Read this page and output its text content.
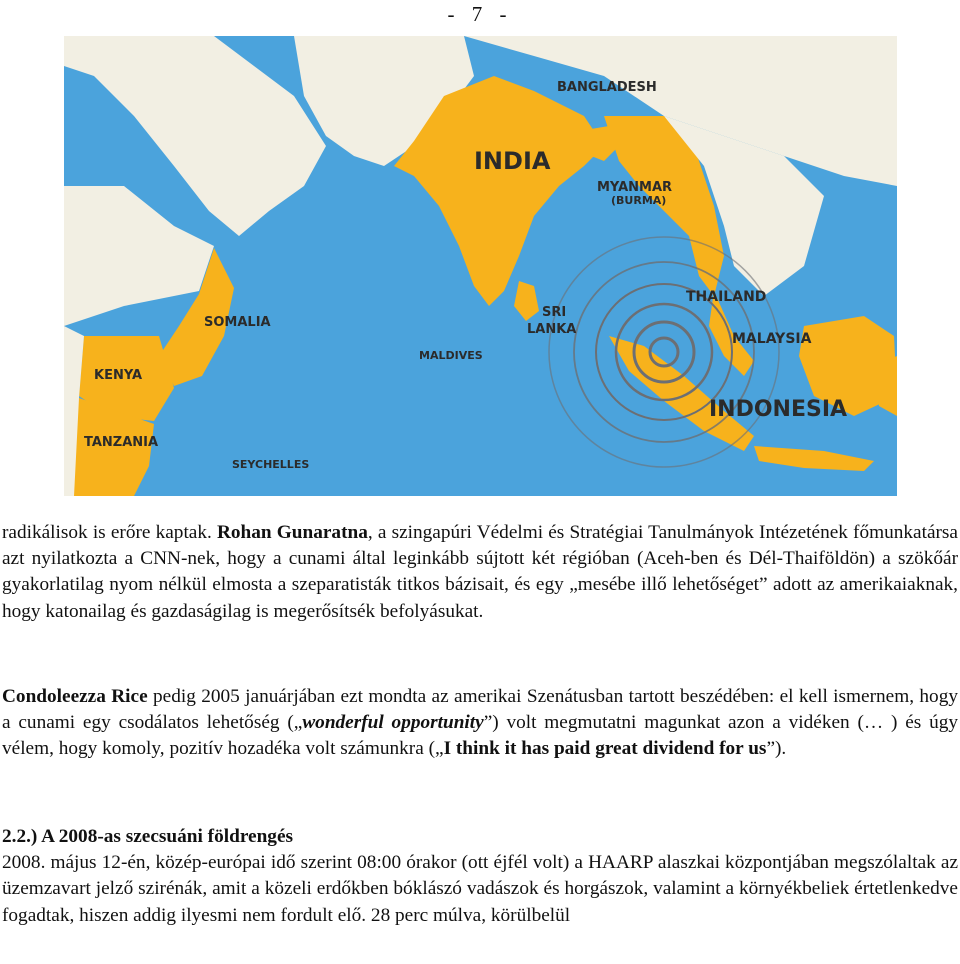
- 7 -
BANGLADESH
INDIA
MYANMAR
(BURMA)
THAILAND
SRI
LANKA
SOMALIA
MALDIVES
MALAYSIA
KENYA
INDONESIA
TANZANIA
SEYCHELLES

radikálisok is erőre kaptak. Rohan Gunaratna, a szingapúri Védelmi és Stratégiai Tanulmányok Intézetének főmunkatársa azt nyilatkozta a CNN-nek, hogy a cunami által leginkább sújtott két régióban (Aceh-ben és Dél-Thaiföldön) a szökőár gyakorlatilag nyom nélkül elmosta a szeparatisták titkos bázisait, és egy „mesébe illő lehetőséget” adott az amerikaiaknak, hogy katonailag és gazdaságilag is megerősítsék befolyásukat.

Condoleezza Rice pedig 2005 januárjában ezt mondta az amerikai Szenátusban tartott beszédében: el kell ismernem, hogy a cunami egy csodálatos lehetőség („wonderful opportunity”) volt megmutatni magunkat azon a vidéken (… ) és úgy vélem, hogy komoly, pozitív hozadéka volt számunkra („I think it has paid great dividend for us”).

2.2.) A 2008-as szecsuáni földrengés

2008. május 12-én, közép-európai idő szerint 08:00 órakor (ott éjfél volt) a HAARP alaszkai központjában megszólaltak az üzemzavart jelző szirénák, amit a közeli erdőkben bóklászó vadászok és horgászok, valamint a környékbeliek értetlenkedve fogadtak, hiszen addig ilyesmi nem fordult elő. 28 perc múlva, körülbelül
